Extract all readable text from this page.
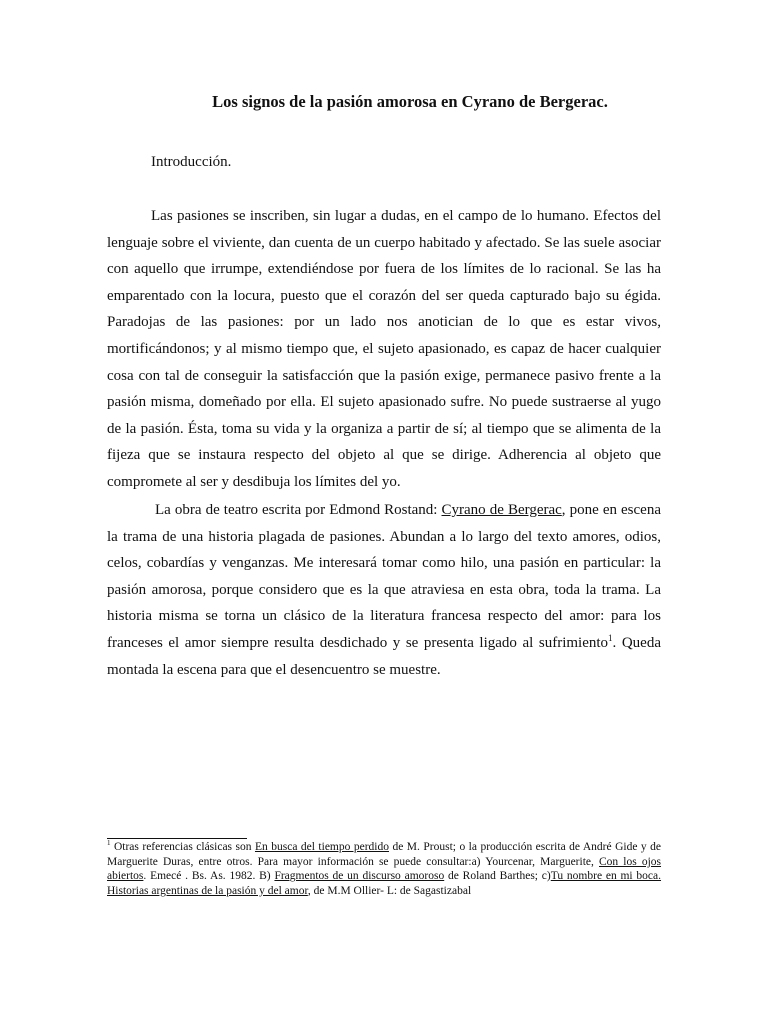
Los signos de la pasión amorosa en Cyrano de Bergerac.
Introducción.

Las pasiones se inscriben, sin lugar a dudas, en el campo de lo humano. Efectos del lenguaje sobre el viviente, dan cuenta de un cuerpo habitado y afectado. Se las suele asociar con aquello que irrumpe, extendiéndose por fuera de los límites de lo racional. Se las ha emparentado con la locura, puesto que el corazón del ser queda capturado bajo su égida. Paradojas de las pasiones: por un lado nos anotician de lo que es estar vivos, mortificándonos; y al mismo tiempo que, el sujeto apasionado, es capaz de hacer cualquier cosa con tal de conseguir la satisfacción que la pasión exige, permanece pasivo frente a la pasión misma, domeñado por ella. El sujeto apasionado sufre. No puede sustraerse al yugo de la pasión. Ésta, toma su vida y la organiza a partir de sí; al tiempo que se alimenta de la fijeza que se instaura respecto del objeto al que se dirige. Adherencia al objeto que compromete al ser y desdibuja los límites del yo.

La obra de teatro escrita por Edmond Rostand: Cyrano de Bergerac, pone en escena la trama de una historia plagada de pasiones. Abundan a lo largo del texto amores, odios, celos, cobardías y venganzas. Me interesará tomar como hilo, una pasión en particular: la pasión amorosa, porque considero que es la que atraviesa en esta obra, toda la trama. La historia misma se torna un clásico de la literatura francesa respecto del amor: para los franceses el amor siempre resulta desdichado y se presenta ligado al sufrimiento$^1$. Queda montada la escena para que el desencuentro se muestre.

$^1$ Otras referencias clásicas son En busca del tiempo perdido de M. Proust; o la producción escrita de André Gide y de Marguerite Duras, entre otros. Para mayor información se puede consultar:a) Yourcenar, Marguerite, Con los ojos abiertos. Emecé . Bs. As. 1982. B) Fragmentos de un discurso amoroso de Roland Barthes; c)Tu nombre en mi boca. Historias argentinas de la pasión y del amor, de M.M Ollier- L: de Sagastizabal
